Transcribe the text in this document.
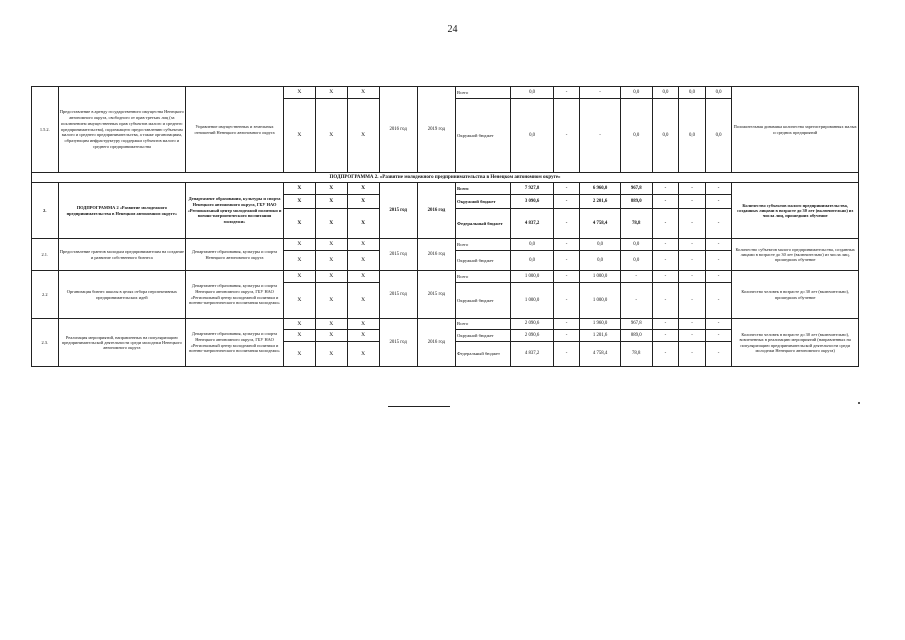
24
1.5.2.	Предоставление в аренду государственного имущества Ненецкого автономного округа, свободного от прав третьих лиц (за исключением имущественных прав субъектов малого и среднего предпринимательства), подлежащего предоставлению субъектам малого и среднего предпринимательства, а также организациям, образующим инфраструктуру поддержки субъектов малого и среднего предпринимательства	Управление имущественных и земельных отношений Ненецкого автономного округа	X	X	X	2016 год	2019 год	Всего	0,0	-	-	0,0	0,0	0,0	0,0	Положительная динамика количества зарегистрированных малых и средних предприятий
			X	X	X			Окружной бюджет	0,0	-	-	0,0	0,0	0,0	0,0	
ПОДПРОГРАММА 2. «Развитие молодежного предпринимательства в Ненецком автономном округе»																
2.	ПОДПРОГРАММА 2 «Развитие молодежного предпринимательства в Ненецком автономном округе»	Департамент образования, культуры и спорта Ненецкого автономного округа, ГБУ НАО «Региональный центр молодежной политики и военно-патриотического воспитания молодежи»	X	X	X	2015 год	2016 год	Всего	7 927,8	-	6 960,0	967,8	-	-	-	Количество субъектов малого предпринимательства, созданных лицами в возрасте до 30 лет (включительно) из числа лиц, прошедших обучение
			X	X	X			Окружной бюджет	3 090,6	-	2 201,6	889,0	-	-	-	
			X	X	X			Федеральный бюджет	4 837,2	-	4 758,4	78,8	-	-	-	
2.1.	Предоставление грантов молодым предпринимателям на создание и развитие собственного бизнеса	Департамент образования, культуры и спорта Ненецкого автономного округа	X	X	X	2015 год	2016 год	Всего	0,0	-	0,0	0,0	-	-	-	Количество субъектов малого предпринимательства, созданных лицами в возрасте до 30 лет (включительно) из числа лиц, прошедших обучение
			X	X	X			Окружной бюджет	0,0	-	0,0	0,0	-	-	-	
2.2	Организация бизнес школы в целях отбора перспективных предпринимательских идей	Департамент образования, культуры и спорта Ненецкого автономного округа, ГБУ НАО «Региональный центр молодежной политики и военно-патриотического воспитания молодежи»	X	X	X	2015 год	2015 год	Всего	1 000,0	-	1 000,0	-	-	-	-	Количество человек в возрасте до 30 лет (включительно), прошедших обучение
			X	X	X			Окружной бюджет	1 000,0	-	1 000,0	-	-	-	-	
2.3.	Реализация мероприятий, направленных на популяризацию предпринимательской деятельности среди молодежи Ненецкого автономного округа	Департамент образования, культуры и спорта Ненецкого автономного округа, ГБУ НАО «Региональный центр молодежной политики и военно-патриотического воспитания молодежи»	X	X	X	2015 год	2016 год	Всего	2 090,6	-	1 960,0	967,8	-	-	-	Количество человек в возрасте до 30 лет (включительно), вовлеченных в реализацию мероприятий (направленных на популяризацию предпринимательской деятельности среди молодежи Ненецкого автономного округа)
			X	X	X			Окружной бюджет	2 090,6	-	1 201,6	889,0	-	-	-	
			X	X	X			Федеральный бюджет	4 837,2	-	4 758,4	78,8	-	-	-	
